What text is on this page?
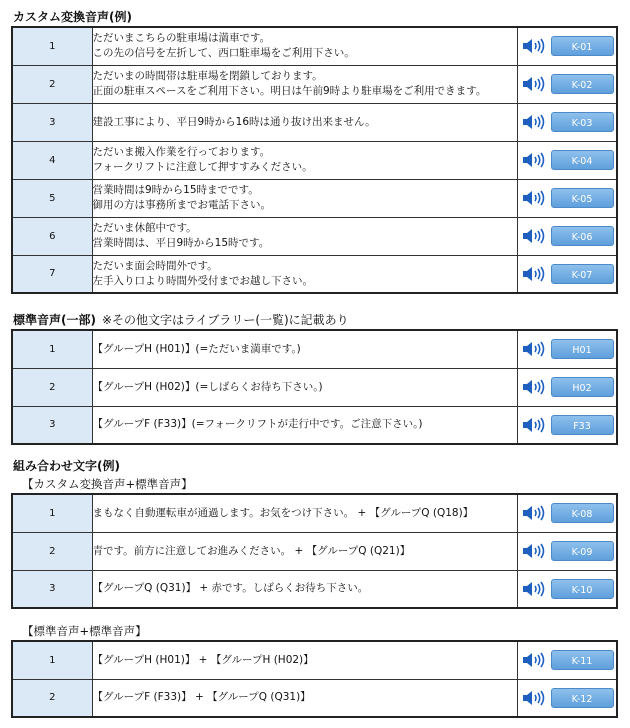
カスタム変換音声(例)
1	ただいまこちらの駐車場は満車です。
この先の信号を左折して、西口駐車場をご利用下さい。	K-01

2	ただいまの時間帯は駐車場を閉鎖しております。
正面の駐車スペースをご利用下さい。明日は午前9時より駐車場をご利用できます。	K-02

3	建設工事により、平日9時から16時は通り抜け出来ません。	K-03

4	ただいま搬入作業を行っております。
フォークリフトに注意して押すすみください。	K-04

5	営業時間は9時から15時までです。
御用の方は事務所までお電話下さい。	K-05

6	ただいま休館中です。
営業時間は、平日9時から15時です。	K-06

7	ただいま面会時間外です。
左手入り口より時間外受付までお越し下さい。	K-07
標準音声(一部) ※その他文字はライブラリー(一覧)に記載あり
1	【グループH (H01)】(=ただいま満車です。)	H01

2	【グループH (H02)】(=しばらくお待ち下さい。)	H02

3	【グループF (F33)】(=フォークリフトが走行中です。ご注意下さい。)	F33
組み合わせ文字(例)
【カスタム変換音声+標準音声】
1	まもなく自動運転車が通過します。お気をつけ下さい。 + 【グループQ (Q18)】	K-08

2	青です。前方に注意してお進みください。 + 【グループQ (Q21)】	K-09

3	【グループQ (Q31)】 + 赤です。しばらくお待ち下さい。	K-10
【標準音声+標準音声】
1	【グループH (H01)】 + 【グループH (H02)】	K-11

2	【グループF (F33)】 + 【グループQ (Q31)】	K-12
